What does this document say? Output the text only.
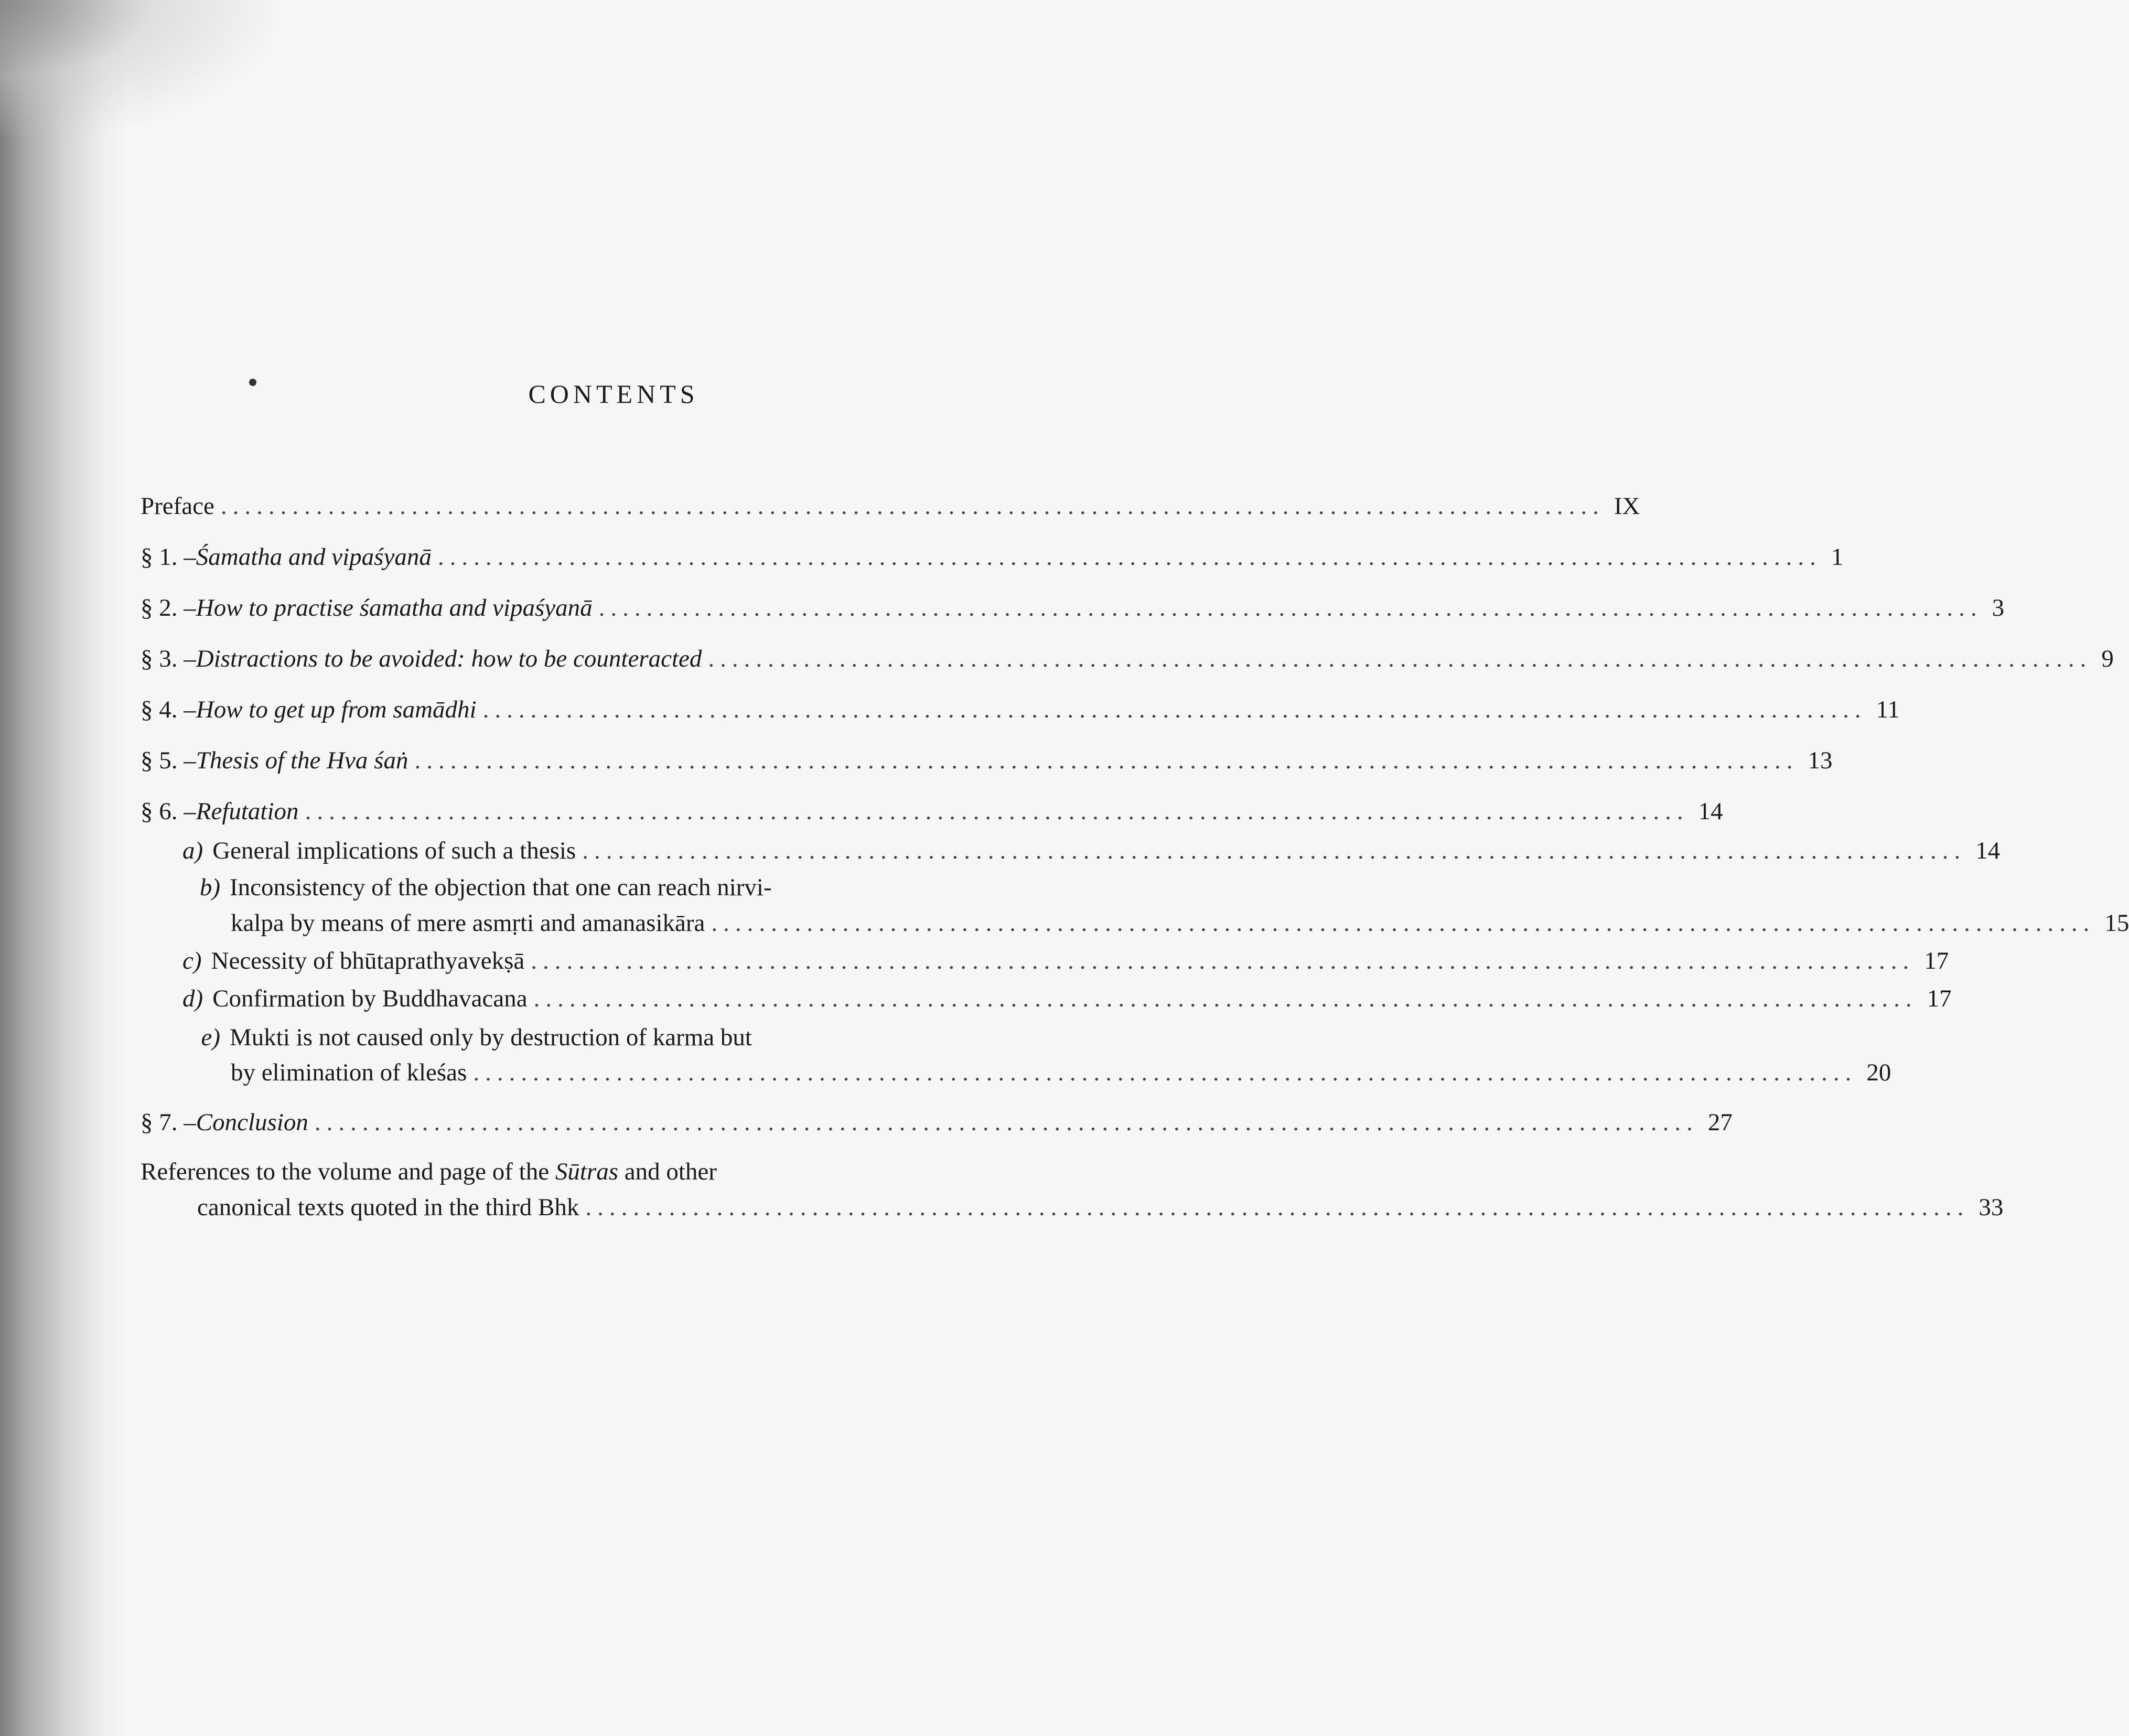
CONTENTS
Preface .................................................................................................................... IX
§ 1. – Śamatha and vipaśyanā .................................................................................................................... 1
§ 2. – How to practise śamatha and vipaśyanā .................................................................................................................... 3
§ 3. – Distractions to be avoided: how to be counteracted .................................................................................................................... 9
§ 4. – How to get up from samādhi .................................................................................................................... 11
§ 5. – Thesis of the Hva śaṅ .................................................................................................................... 13
§ 6. – Refutation .................................................................................................................... 14
a) General implications of such a thesis .................................................................................................................... 14
b) Inconsistency of the objection that one can reach nirvi-
kalpa by means of mere asmṛti and amanasikāra .................................................................................................................... 15
c) Necessity of bhūtaprathyavekṣā .................................................................................................................... 17
d) Confirmation by Buddhavacana .................................................................................................................... 17
e) Mukti is not caused only by destruction of karma but
by elimination of kleśas .................................................................................................................... 20
§ 7. – Conclusion .................................................................................................................... 27
References to the volume and page of the Sūtras and other
canonical texts quoted in the third Bhk .................................................................................................................... 33
